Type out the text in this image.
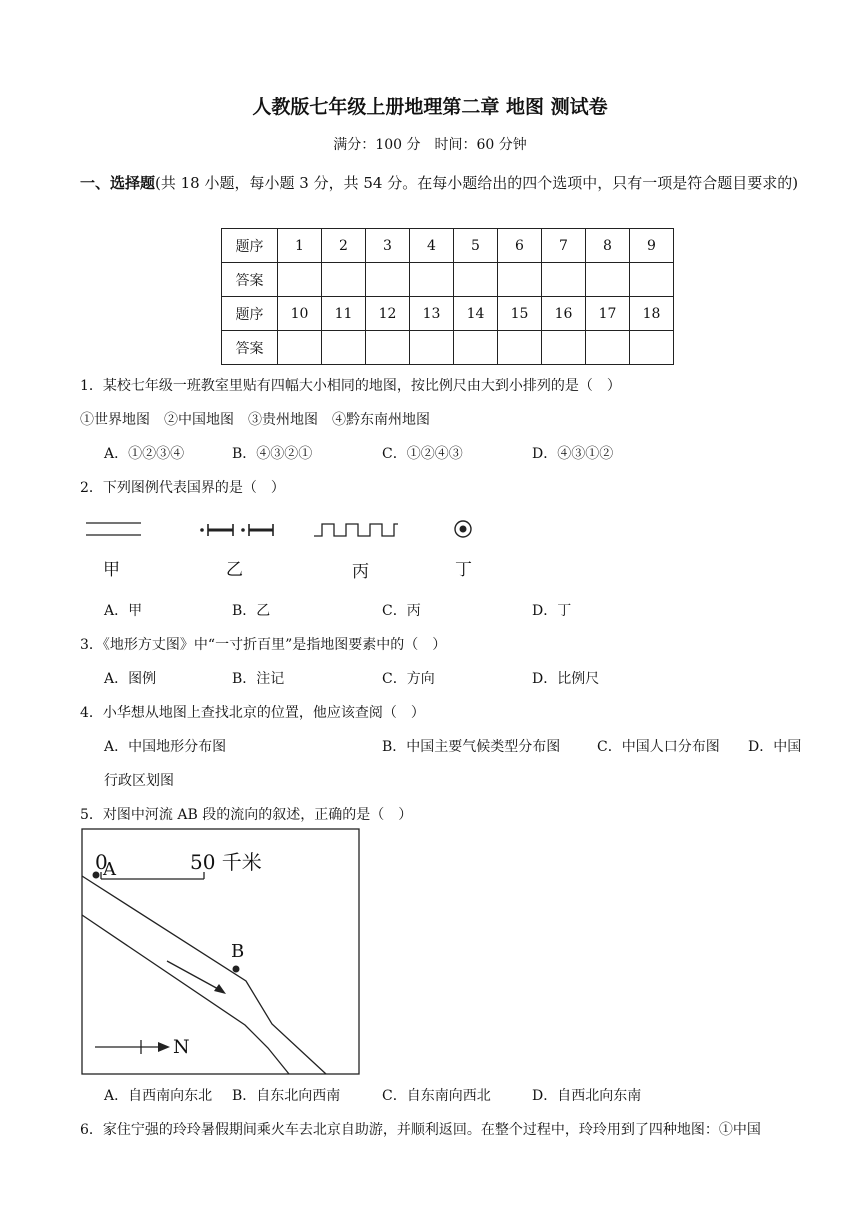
人教版七年级上册地理第二章 地图 测试卷
满分：100 分　时间：60 分钟
一、选择题(共 18 小题，每小题 3 分，共 54 分。在每小题给出的四个选项中，只有一项是符合题目要求的)
题序	1	2	3	4	5	6	7	8	9
答案									
题序	10	11	12	13	14	15	16	17	18
答案									
1．某校七年级一班教室里贴有四幅大小相同的地图，按比例尺由大到小排列的是（　）
①世界地图　②中国地图　③贵州地图　④黔东南州地图
A．①②③④	B．④③②①	C．①②④③	D．④③①②
2．下列图例代表国界的是（　）
甲	乙	丙	丁
A．甲	B．乙	C．丙	D．丁
3．《地形方丈图》中“一寸折百里”是指地图要素中的（　）
A．图例	B．注记	C．方向	D．比例尺
4．小华想从地图上查找北京的位置，他应该查阅（　）
A．中国地形分布图	B．中国主要气候类型分布图	C．中国人口分布图 D．中国
行政区划图
5．对图中河流 AB 段的流向的叙述，正确的是（　）
0	50 千米
A
B
N
A．自西南向东北 B．自东北向西南	C．自东南向西北	D．自西北向东南
6．家住宁强的玲玲暑假期间乘火车去北京自助游，并顺利返回。在整个过程中，玲玲用到了四种地图：①中国
